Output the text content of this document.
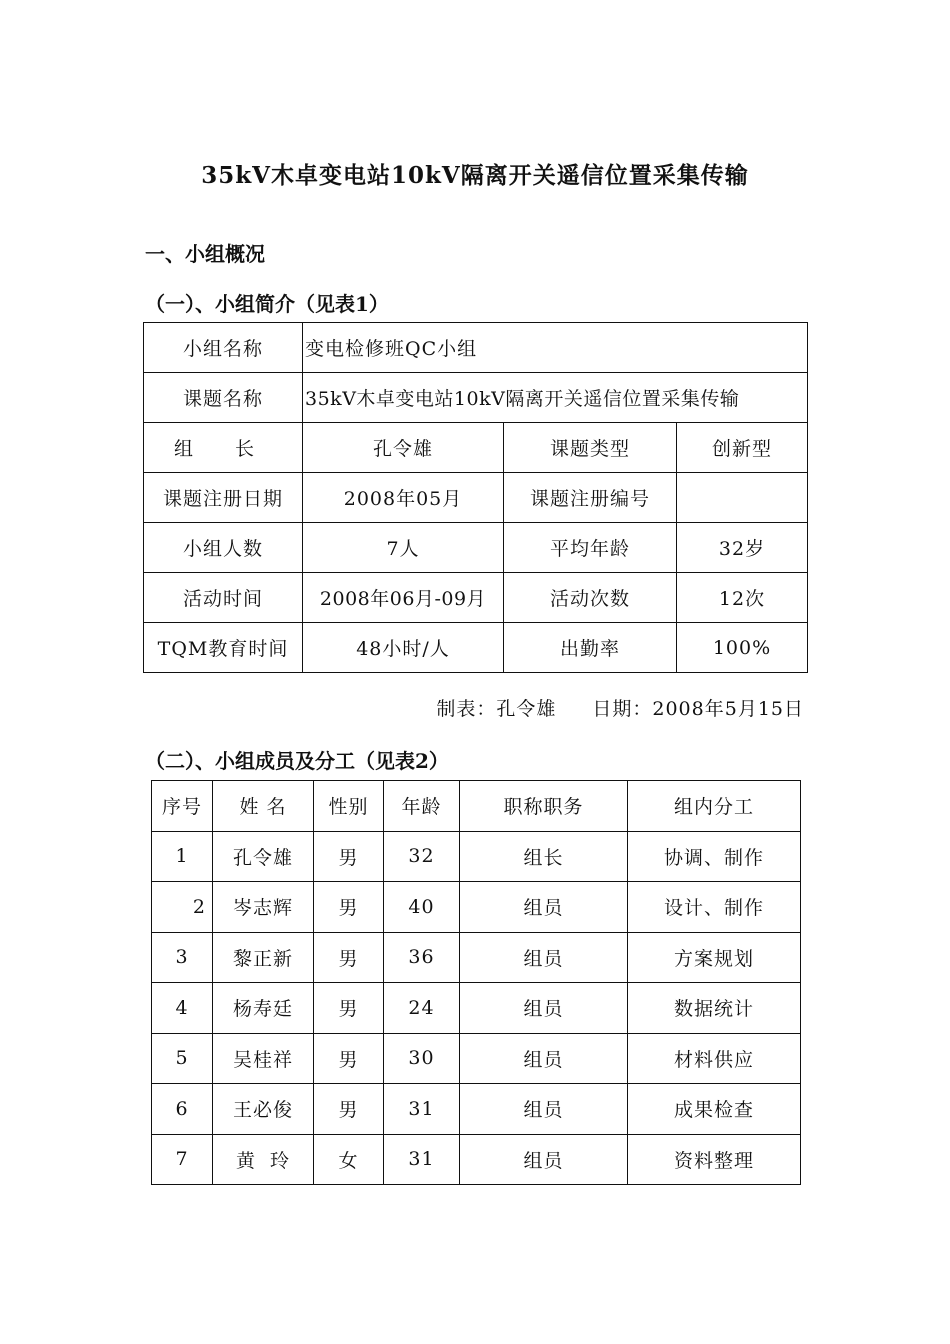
35kV木卓变电站10kV隔离开关遥信位置采集传输
一、小组概况
（一）、小组简介（见表1）
小组名称	变电检修班QC小组		
课题名称	35kV木卓变电站10kV隔离开关遥信位置采集传输		
组 长	孔令雄	课题类型	创新型
课题注册日期	2008年05月	课题注册编号	
小组人数	7人	平均年龄	32岁
活动时间	2008年06月-09月	活动次数	12次
TQM教育时间	48小时/人	出勤率	100%
制表：孔令雄 日期：2008年5月15日
（二）、小组成员及分工（见表2）
序号	姓 名	性别	年龄	职称职务	组内分工
1	孔令雄	男	32	组长	协调、制作
2	岑志辉	男	40	组员	设计、制作
3	黎正新	男	36	组员	方案规划
4	杨寿廷	男	24	组员	数据统计
5	吴桂祥	男	30	组员	材料供应
6	王必俊	男	31	组员	成果检查
7	黄  玲	女	31	组员	资料整理
